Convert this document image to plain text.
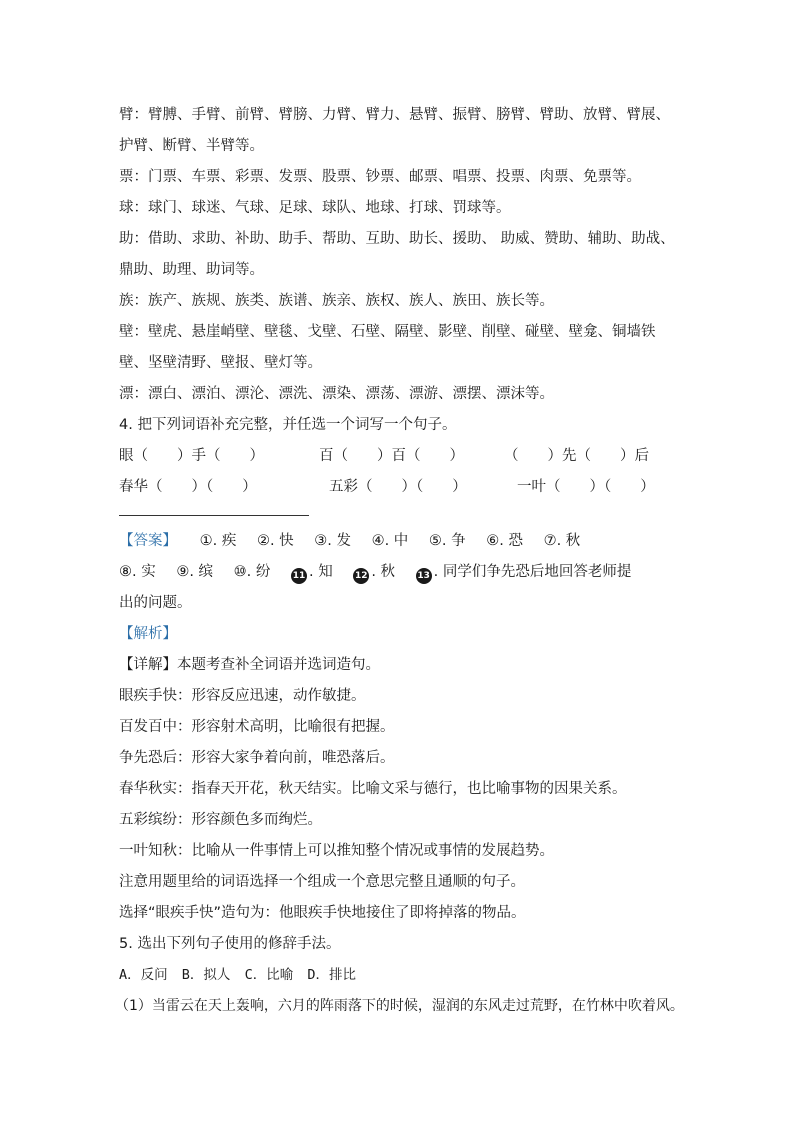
臂：臂膊、手臂、前臂、臂膀、力臂、臂力、悬臂、振臂、膀臂、臂助、放臂、臂展、护臂、断臂、半臂等。

票：门票、车票、彩票、发票、股票、钞票、邮票、唱票、投票、肉票、免票等。

球：球门、球迷、气球、足球、球队、地球、打球、罚球等。

助：借助、求助、补助、助手、帮助、互助、助长、援助、 助威、赞助、辅助、助战、 鼎助、助理、助词等。

族：族产、族规、族类、族谱、族亲、族权、族人、族田、族长等。

壁：壁虎、悬崖峭壁、壁毯、戈壁、石壁、隔壁、影壁、削壁、碰壁、壁龛、铜墙铁壁、坚壁清野、壁报、壁灯等。

漂：漂白、漂泊、漂沦、漂洗、漂染、漂荡、漂游、漂摆、漂沫等。

4. 把下列词语补充完整，并任选一个词写一个句子。

眼（　　）手（　　）	百（　　）百（　　）	（　　）先（　　）后
春华（　　）（　　）	五彩（　　）（　　）	一叶（　　）（　　）
【答案】 ①. 疾 ②. 快 ③. 发 ④. 中 ⑤. 争 ⑥. 恐 ⑦. 秋
⑧. 实 ⑨. 缤 ⑩. 纷 11 . 知 12 . 秋 13 . 同学们争先恐后地回答老师提

出的问题。

【解析】

【详解】本题考查补全词语并选词造句。

眼疾手快：形容反应迅速，动作敏捷。

百发百中：形容射术高明，比喻很有把握。

争先恐后：形容大家争着向前，唯恐落后。

春华秋实：指春天开花，秋天结实。比喻文采与德行，也比喻事物的因果关系。

五彩缤纷：形容颜色多而绚烂。

一叶知秋：比喻从一件事情上可以推知整个情况或事情的发展趋势。

注意用题里给的词语选择一个组成一个意思完整且通顺的句子。

选择“眼疾手快”造句为：他眼疾手快地接住了即将掉落的物品。

5. 选出下列句子使用的修辞手法。

A．反问 B．拟人 C．比喻 D．排比

（1）当雷云在天上轰响，六月的阵雨落下的时候，湿润的东风走过荒野，在竹林中吹着风。
